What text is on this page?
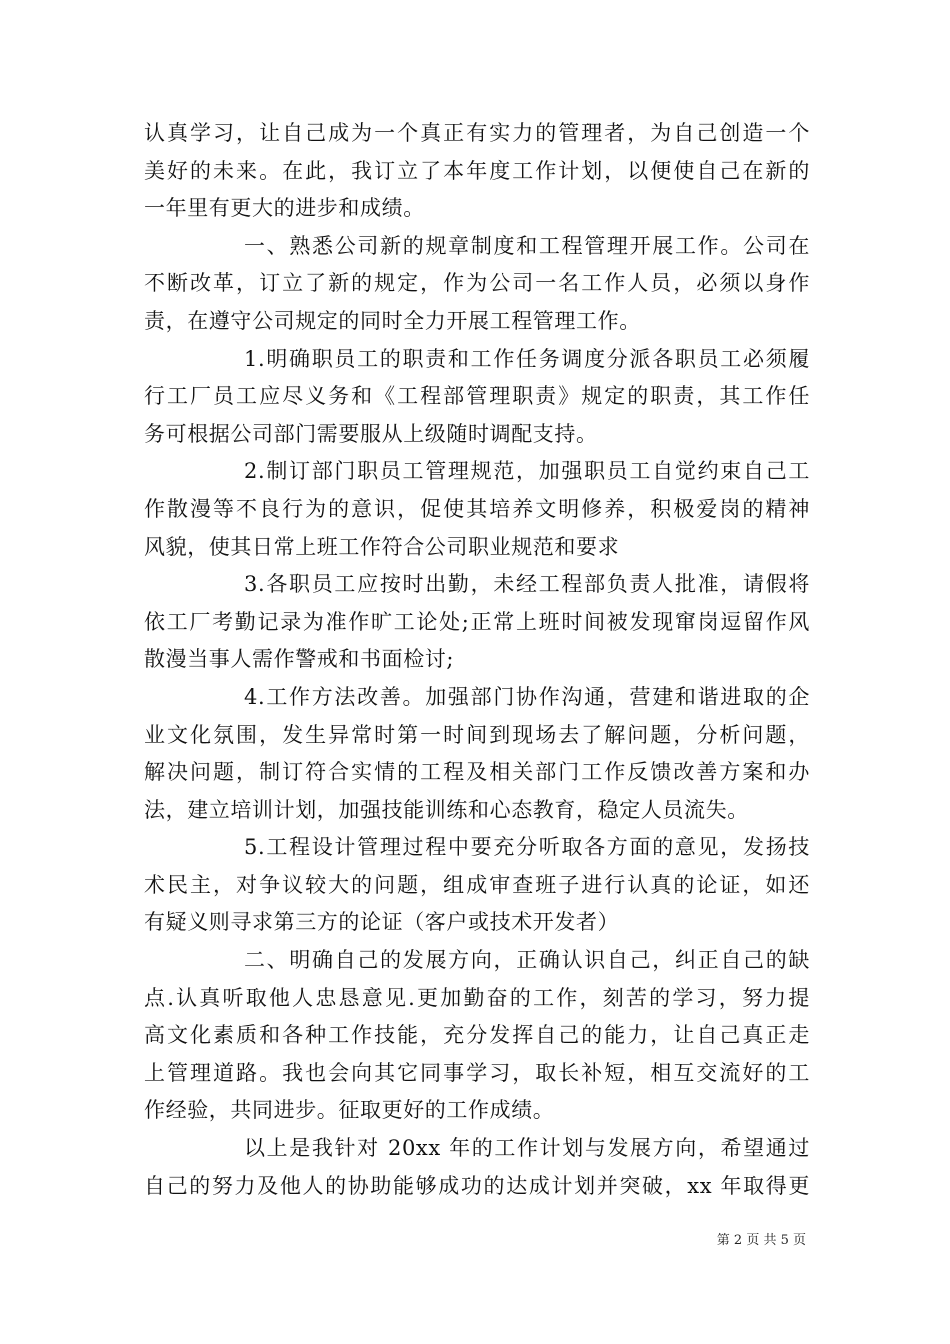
认真学习，让自己成为一个真正有实力的管理者，为自己创造一个
美好的未来。在此，我订立了本年度工作计划，以便使自己在新的
一年里有更大的进步和成绩。
一、熟悉公司新的规章制度和工程管理开展工作。公司在
不断改革，订立了新的规定，作为公司一名工作人员，必须以身作
责，在遵守公司规定的同时全力开展工程管理工作。
1.明确职员工的职责和工作任务调度分派各职员工必须履
行工厂员工应尽义务和《工程部管理职责》规定的职责，其工作任
务可根据公司部门需要服从上级随时调配支持。
2.制订部门职员工管理规范，加强职员工自觉约束自己工
作散漫等不良行为的意识，促使其培养文明修养，积极爱岗的精神
风貌，使其日常上班工作符合公司职业规范和要求
3.各职员工应按时出勤，未经工程部负责人批准，请假将
依工厂考勤记录为准作旷工论处;正常上班时间被发现窜岗逗留作风
散漫当事人需作警戒和书面检讨;
4.工作方法改善。加强部门协作沟通，营建和谐进取的企
业文化氛围，发生异常时第一时间到现场去了解问题，分析问题，
解决问题，制订符合实情的工程及相关部门工作反馈改善方案和办
法，建立培训计划，加强技能训练和心态教育，稳定人员流失。
5.工程设计管理过程中要充分听取各方面的意见，发扬技
术民主，对争议较大的问题，组成审查班子进行认真的论证，如还
有疑义则寻求第三方的论证（客户或技术开发者）
二、明确自己的发展方向，正确认识自己，纠正自己的缺
点.认真听取他人忠恳意见.更加勤奋的工作，刻苦的学习，努力提
高文化素质和各种工作技能，充分发挥自己的能力，让自己真正走
上管理道路。我也会向其它同事学习，取长补短，相互交流好的工
作经验，共同进步。征取更好的工作成绩。
以上是我针对 20xx 年的工作计划与发展方向，希望通过
自己的努力及他人的协助能够成功的达成计划并突破，xx 年取得更
第 2 页 共 5 页
